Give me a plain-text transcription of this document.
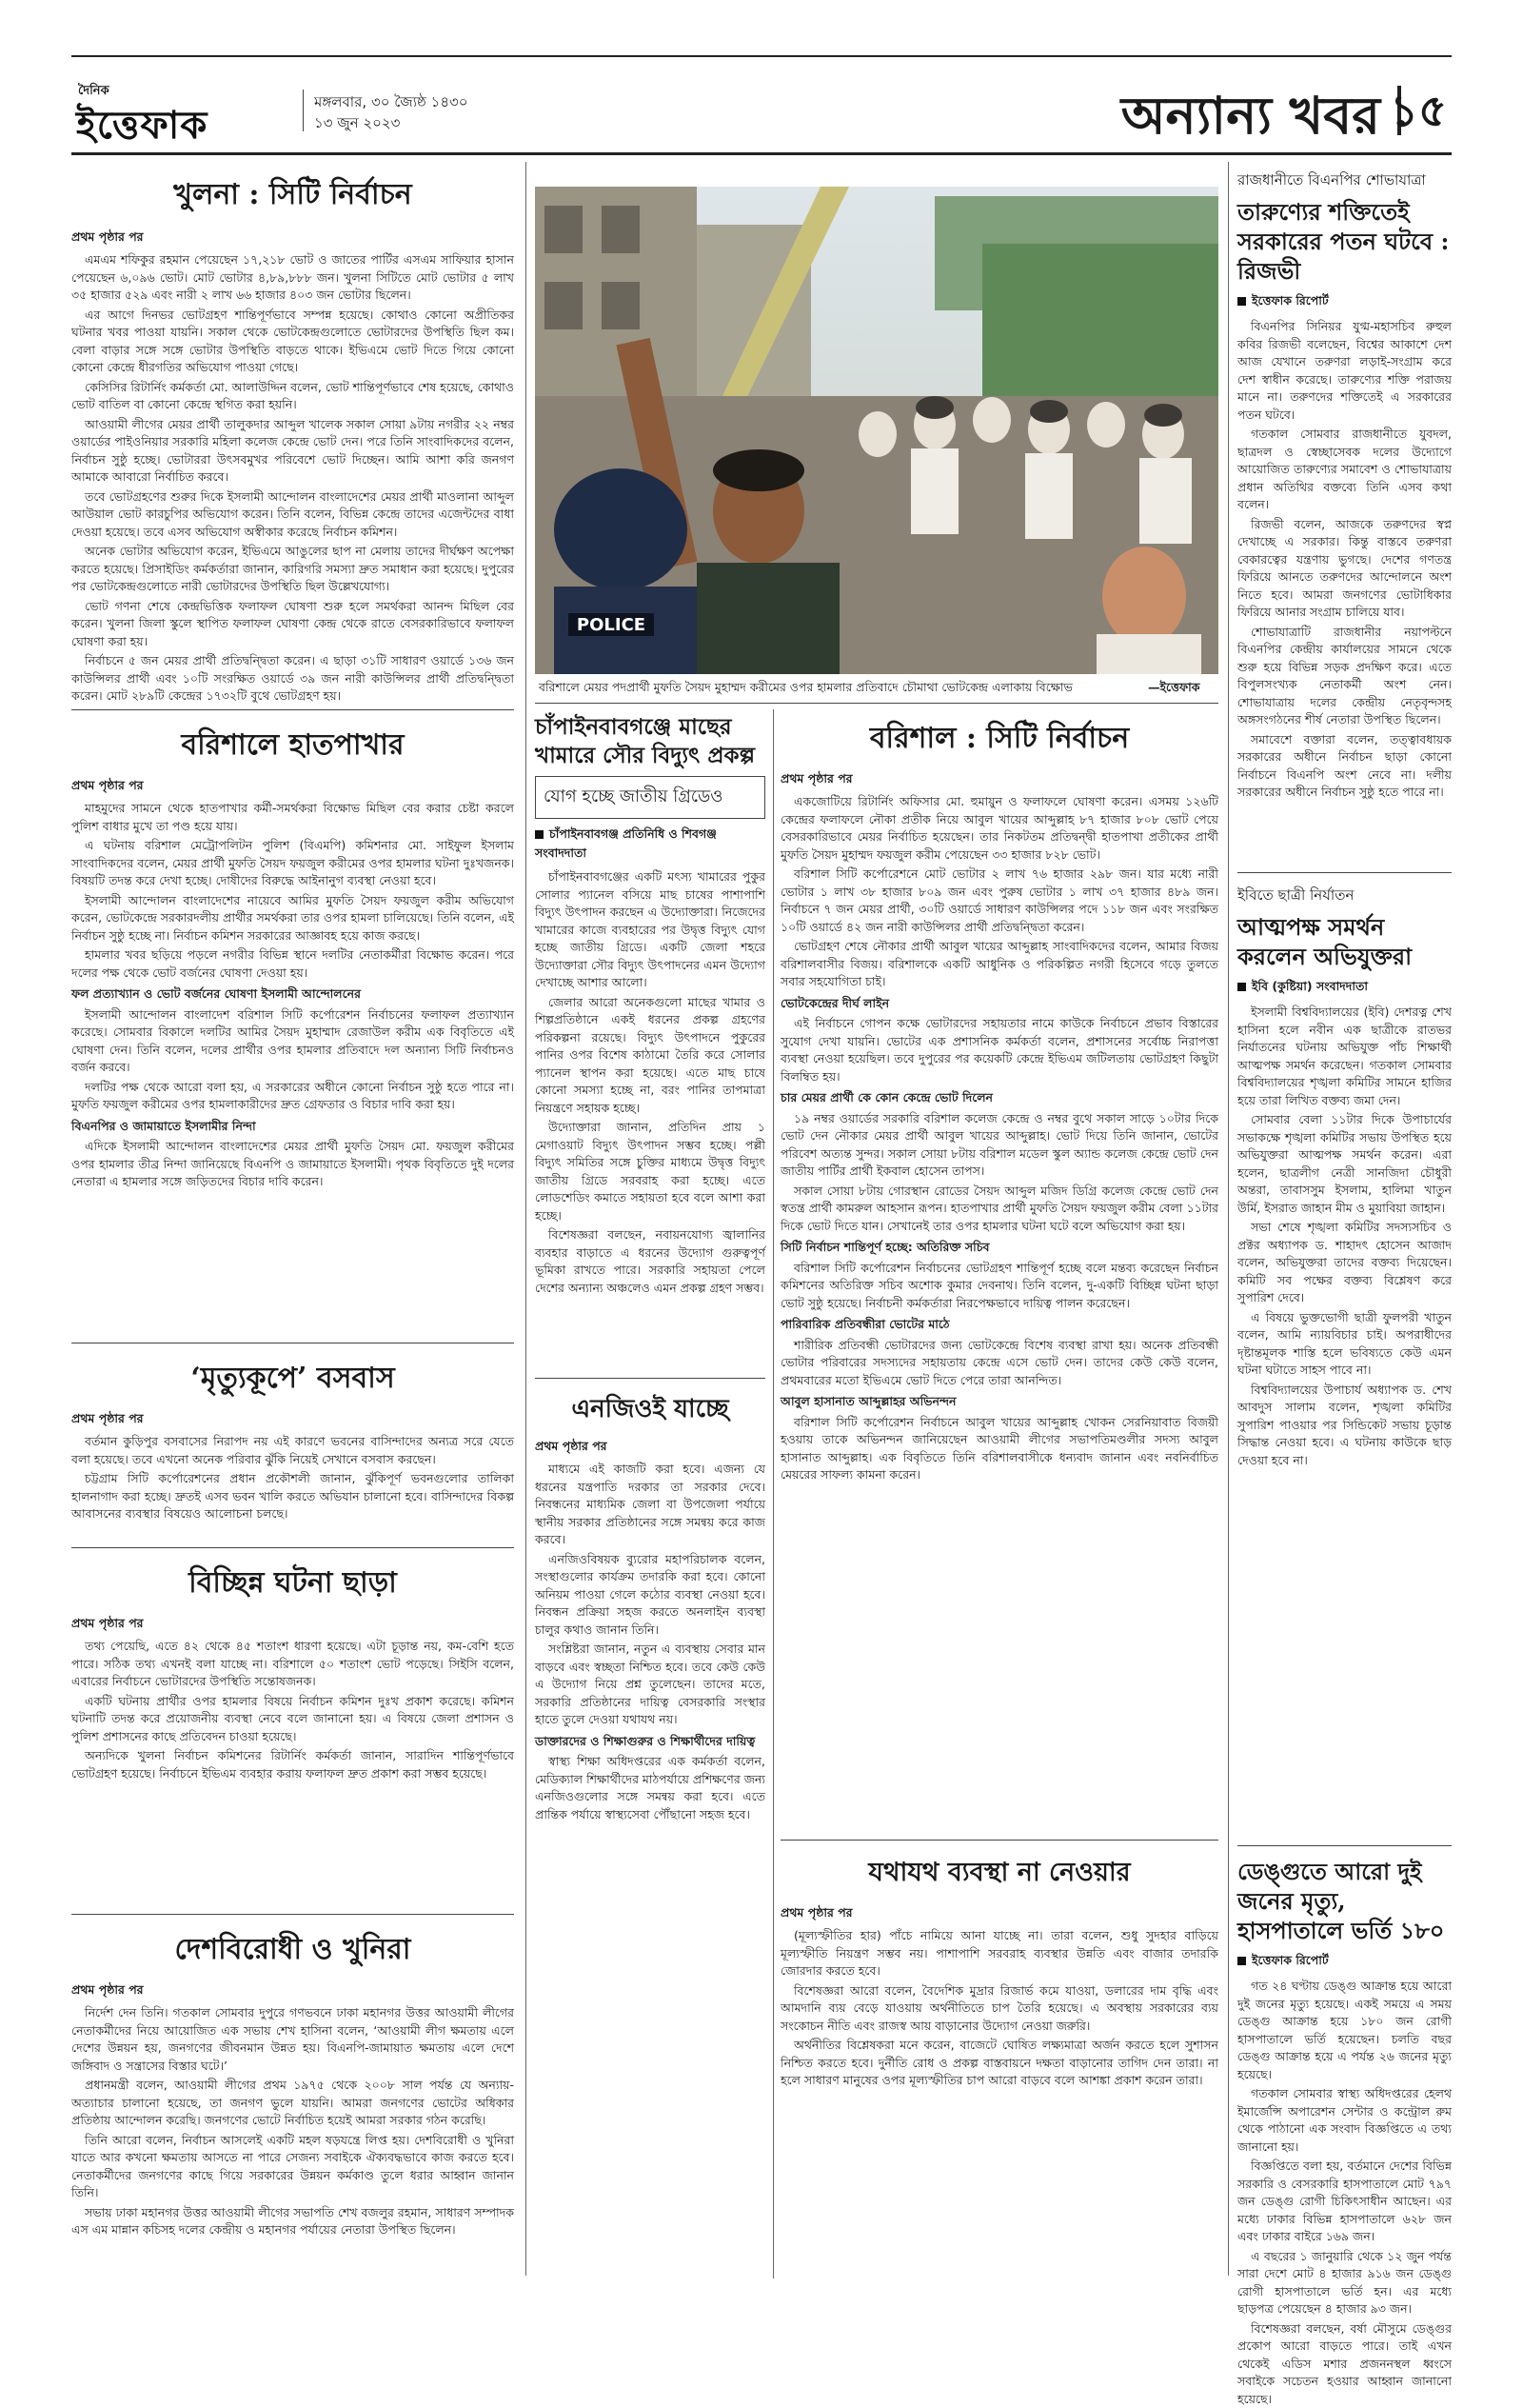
দৈনিক
ইত্তেফাক
মঙ্গলবার, ৩০ জ্যৈষ্ঠ ১৪৩০
১৩ জুন ২০২৩	অন্যান্য খবর ১৫
খুলনা : সিটি নির্বাচন
প্রথম পৃষ্ঠার পর

এমএম শফিকুর রহমান পেয়েছেন ১৭,২১৮ ভোট ও জাতের পার্টির এসএম সাফিয়ার হাসান পেয়েছেন ৬,০৯৬ ভোট। মোট ভোটার ৪,৮৯,৮৮৮ জন। খুলনা সিটিতে মোট ভোটার ৫ লাখ ৩৫ হাজার ৫২৯ এবং নারী ২ লাখ ৬৬ হাজার ৪০৩ জন ভোটার ছিলেন।

এর আগে দিনভর ভোটগ্রহণ শান্তিপূর্ণভাবে সম্পন্ন হয়েছে। কোথাও কোনো অপ্রীতিকর ঘটনার খবর পাওয়া যায়নি। সকাল থেকে ভোটকেন্দ্রগুলোতে ভোটারদের উপস্থিতি ছিল কম। বেলা বাড়ার সঙ্গে সঙ্গে ভোটার উপস্থিতি বাড়তে থাকে। ইভিএমে ভোট দিতে গিয়ে কোনো কোনো কেন্দ্রে ধীরগতির অভিযোগ পাওয়া গেছে।

কেসিসির রিটার্নিং কর্মকর্তা মো. আলাউদ্দিন বলেন, ভোট শান্তিপূর্ণভাবে শেষ হয়েছে, কোথাও ভোট বাতিল বা কোনো কেন্দ্রে স্থগিত করা হয়নি।

আওয়ামী লীগের মেয়র প্রার্থী তালুকদার আব্দুল খালেক সকাল সোয়া ৯টায় নগরীর ২২ নম্বর ওয়ার্ডের পাইওনিয়ার সরকারি মহিলা কলেজ কেন্দ্রে ভোট দেন। পরে তিনি সাংবাদিকদের বলেন, নির্বাচন সুষ্ঠু হচ্ছে। ভোটাররা উৎসবমুখর পরিবেশে ভোট দিচ্ছেন। আমি আশা করি জনগণ আমাকে আবারো নির্বাচিত করবে।

তবে ভোটগ্রহণের শুরুর দিকে ইসলামী আন্দোলন বাংলাদেশের মেয়র প্রার্থী মাওলানা আব্দুল আউয়াল ভোট কারচুপির অভিযোগ করেন। তিনি বলেন, বিভিন্ন কেন্দ্রে তাদের এজেন্টদের বাধা দেওয়া হয়েছে। তবে এসব অভিযোগ অস্বীকার করেছে নির্বাচন কমিশন।

অনেক ভোটার অভিযোগ করেন, ইভিএমে আঙুলের ছাপ না মেলায় তাদের দীর্ঘক্ষণ অপেক্ষা করতে হয়েছে। প্রিসাইডিং কর্মকর্তারা জানান, কারিগরি সমস্যা দ্রুত সমাধান করা হয়েছে। দুপুরের পর ভোটকেন্দ্রগুলোতে নারী ভোটারদের উপস্থিতি ছিল উল্লেখযোগ্য।

ভোট গণনা শেষে কেন্দ্রভিত্তিক ফলাফল ঘোষণা শুরু হলে সমর্থকরা আনন্দ মিছিল বের করেন। খুলনা জিলা স্কুলে স্থাপিত ফলাফল ঘোষণা কেন্দ্র থেকে রাতে বেসরকারিভাবে ফলাফল ঘোষণা করা হয়।

নির্বাচনে ৫ জন মেয়র প্রার্থী প্রতিদ্বন্দ্বিতা করেন। এ ছাড়া ৩১টি সাধারণ ওয়ার্ডে ১৩৬ জন কাউন্সিলর প্রার্থী এবং ১০টি সংরক্ষিত ওয়ার্ডে ৩৯ জন নারী কাউন্সিলর প্রার্থী প্রতিদ্বন্দ্বিতা করেন। মোট ২৮৯টি কেন্দ্রের ১৭৩২টি বুথে ভোটগ্রহণ হয়।

বরিশালে হাতপাখার
প্রথম পৃষ্ঠার পর

মাহমুদের সামনে থেকে হাতপাখার কর্মী-সমর্থকরা বিক্ষোভ মিছিল বের করার চেষ্টা করলে পুলিশ বাধার মুখে তা পণ্ড হয়ে যায়।

এ ঘটনায় বরিশাল মেট্রোপলিটন পুলিশ (বিএমপি) কমিশনার মো. সাইফুল ইসলাম সাংবাদিকদের বলেন, মেয়র প্রার্থী মুফতি সৈয়দ ফয়জুল করীমের ওপর হামলার ঘটনা দুঃখজনক। বিষয়টি তদন্ত করে দেখা হচ্ছে। দোষীদের বিরুদ্ধে আইনানুগ ব্যবস্থা নেওয়া হবে।

ইসলামী আন্দোলন বাংলাদেশের নায়েবে আমির মুফতি সৈয়দ ফয়জুল করীম অভিযোগ করেন, ভোটকেন্দ্রে সরকারদলীয় প্রার্থীর সমর্থকরা তার ওপর হামলা চালিয়েছে। তিনি বলেন, এই নির্বাচন সুষ্ঠু হচ্ছে না। নির্বাচন কমিশন সরকারের আজ্ঞাবহ হয়ে কাজ করছে।

হামলার খবর ছড়িয়ে পড়লে নগরীর বিভিন্ন স্থানে দলটির নেতাকর্মীরা বিক্ষোভ করেন। পরে দলের পক্ষ থেকে ভোট বর্জনের ঘোষণা দেওয়া হয়।

ফল প্রত্যাখ্যান ও ভোট বর্জনের ঘোষণা ইসলামী আন্দোলনের

ইসলামী আন্দোলন বাংলাদেশ বরিশাল সিটি কর্পোরেশন নির্বাচনের ফলাফল প্রত্যাখ্যান করেছে। সোমবার বিকালে দলটির আমির সৈয়দ মুহাম্মাদ রেজাউল করীম এক বিবৃতিতে এই ঘোষণা দেন। তিনি বলেন, দলের প্রার্থীর ওপর হামলার প্রতিবাদে দল অন্যান্য সিটি নির্বাচনও বর্জন করবে।

দলটির পক্ষ থেকে আরো বলা হয়, এ সরকারের অধীনে কোনো নির্বাচন সুষ্ঠু হতে পারে না। মুফতি ফয়জুল করীমের ওপর হামলাকারীদের দ্রুত গ্রেফতার ও বিচার দাবি করা হয়।

বিএনপির ও জামায়াতে ইসলামীর নিন্দা

এদিকে ইসলামী আন্দোলন বাংলাদেশের মেয়র প্রার্থী মুফতি সৈয়দ মো. ফয়জুল করীমের ওপর হামলার তীব্র নিন্দা জানিয়েছে বিএনপি ও জামায়াতে ইসলামী। পৃথক বিবৃতিতে দুই দলের নেতারা এ হামলার সঙ্গে জড়িতদের বিচার দাবি করেন।

‘মৃত্যুকূপে’ বসবাস
প্রথম পৃষ্ঠার পর

বর্তমান কুড়িপুর বসবাসের নিরাপদ নয় এই কারণে ভবনের বাসিন্দাদের অন্যত্র সরে যেতে বলা হয়েছে। তবে এখনো অনেক পরিবার ঝুঁকি নিয়েই সেখানে বসবাস করছেন।

চট্টগ্রাম সিটি কর্পোরেশনের প্রধান প্রকৌশলী জানান, ঝুঁকিপূর্ণ ভবনগুলোর তালিকা হালনাগাদ করা হচ্ছে। দ্রুতই এসব ভবন খালি করতে অভিযান চালানো হবে। বাসিন্দাদের বিকল্প আবাসনের ব্যবস্থার বিষয়েও আলোচনা চলছে।

বিচ্ছিন্ন ঘটনা ছাড়া
প্রথম পৃষ্ঠার পর

তথ্য পেয়েছি, এতে ৪২ থেকে ৪৫ শতাংশ ধারণা হয়েছে। এটা চূড়ান্ত নয়, কম-বেশি হতে পারে। সঠিক তথ্য এখনই বলা যাচ্ছে না। বরিশালে ৫০ শতাংশ ভোট পড়েছে। সিইসি বলেন, এবারের নির্বাচনে ভোটারদের উপস্থিতি সন্তোষজনক।

একটি ঘটনায় প্রার্থীর ওপর হামলার বিষয়ে নির্বাচন কমিশন দুঃখ প্রকাশ করেছে। কমিশন ঘটনাটি তদন্ত করে প্রয়োজনীয় ব্যবস্থা নেবে বলে জানানো হয়। এ বিষয়ে জেলা প্রশাসন ও পুলিশ প্রশাসনের কাছে প্রতিবেদন চাওয়া হয়েছে।

অন্যদিকে খুলনা নির্বাচন কমিশনের রিটার্নিং কর্মকর্তা জানান, সারাদিন শান্তিপূর্ণভাবে ভোটগ্রহণ হয়েছে। নির্বাচনে ইভিএম ব্যবহার করায় ফলাফল দ্রুত প্রকাশ করা সম্ভব হয়েছে।

দেশবিরোধী ও খুনিরা
প্রথম পৃষ্ঠার পর

নির্দেশ দেন তিনি। গতকাল সোমবার দুপুরে গণভবনে ঢাকা মহানগর উত্তর আওয়ামী লীগের নেতাকর্মীদের নিয়ে আয়োজিত এক সভায় শেখ হাসিনা বলেন, ‘আওয়ামী লীগ ক্ষমতায় এলে দেশের উন্নয়ন হয়, জনগণের জীবনমান উন্নত হয়। বিএনপি-জামায়াত ক্ষমতায় এলে দেশে জঙ্গিবাদ ও সন্ত্রাসের বিস্তার ঘটে।’

প্রধানমন্ত্রী বলেন, আওয়ামী লীগের প্রথম ১৯৭৫ থেকে ২০০৮ সাল পর্যন্ত যে অন্যায়-অত্যাচার চালানো হয়েছে, তা জনগণ ভুলে যায়নি। আমরা জনগণের ভোটের অধিকার প্রতিষ্ঠায় আন্দোলন করেছি। জনগণের ভোটে নির্বাচিত হয়েই আমরা সরকার গঠন করেছি।

তিনি আরো বলেন, নির্বাচন আসলেই একটি মহল ষড়যন্ত্রে লিপ্ত হয়। দেশবিরোধী ও খুনিরা যাতে আর কখনো ক্ষমতায় আসতে না পারে সেজন্য সবাইকে ঐক্যবদ্ধভাবে কাজ করতে হবে। নেতাকর্মীদের জনগণের কাছে গিয়ে সরকারের উন্নয়ন কর্মকাণ্ড তুলে ধরার আহ্বান জানান তিনি।

সভায় ঢাকা মহানগর উত্তর আওয়ামী লীগের সভাপতি শেখ বজলুর রহমান, সাধারণ সম্পাদক এস এম মান্নান কচিসহ দলের কেন্দ্রীয় ও মহানগর পর্যায়ের নেতারা উপস্থিত ছিলেন।

POLICE
বরিশালে মেয়র পদপ্রার্থী মুফতি সৈয়দ মুহাম্মদ করীমের ওপর হামলার প্রতিবাদে চৌমাথা ভোটকেন্দ্র এলাকায় বিক্ষোভ	—ইত্তেফাক
চাঁপাইনবাবগঞ্জে মাছের খামারে সৌর বিদ্যুৎ প্রকল্প
যোগ হচ্ছে জাতীয় গ্রিডেও
চাঁপাইনবাবগঞ্জ প্রতিনিধি ও শিবগঞ্জ সংবাদদাতা

চাঁপাইনবাবগঞ্জের একটি মৎস্য খামারের পুকুর সোলার প্যানেল বসিয়ে মাছ চাষের পাশাপাশি বিদ্যুৎ উৎপাদন করছেন এ উদ্যোক্তারা। নিজেদের খামারের কাজে ব্যবহারের পর উদ্বৃত্ত বিদ্যুৎ যোগ হচ্ছে জাতীয় গ্রিডে। একটি জেলা শহরে উদ্যোক্তারা সৌর বিদ্যুৎ উৎপাদনের এমন উদ্যোগ দেখাচ্ছে আশার আলো।

জেলার আরো অনেকগুলো মাছের খামার ও শিল্পপ্রতিষ্ঠানে একই ধরনের প্রকল্প গ্রহণের পরিকল্পনা রয়েছে। বিদ্যুৎ উৎপাদনে পুকুরের পানির ওপর বিশেষ কাঠামো তৈরি করে সোলার প্যানেল স্থাপন করা হয়েছে। এতে মাছ চাষে কোনো সমস্যা হচ্ছে না, বরং পানির তাপমাত্রা নিয়ন্ত্রণে সহায়ক হচ্ছে।

উদ্যোক্তারা জানান, প্রতিদিন প্রায় ১ মেগাওয়াট বিদ্যুৎ উৎপাদন সম্ভব হচ্ছে। পল্লী বিদ্যুৎ সমিতির সঙ্গে চুক্তির মাধ্যমে উদ্বৃত্ত বিদ্যুৎ জাতীয় গ্রিডে সরবরাহ করা হচ্ছে। এতে লোডশেডিং কমাতে সহায়তা হবে বলে আশা করা হচ্ছে।

বিশেষজ্ঞরা বলছেন, নবায়নযোগ্য জ্বালানির ব্যবহার বাড়াতে এ ধরনের উদ্যোগ গুরুত্বপূর্ণ ভূমিকা রাখতে পারে। সরকারি সহায়তা পেলে দেশের অন্যান্য অঞ্চলেও এমন প্রকল্প গ্রহণ সম্ভব।

এনজিওই যাচ্ছে
প্রথম পৃষ্ঠার পর

মাধ্যমে এই কাজটি করা হবে। এজন্য যে ধরনের যন্ত্রপাতি দরকার তা সরকার দেবে। নিবন্ধনের মাধ্যমিক জেলা বা উপজেলা পর্যায়ে স্থানীয় সরকার প্রতিষ্ঠানের সঙ্গে সমন্বয় করে কাজ করবে।

এনজিওবিষয়ক ব্যুরোর মহাপরিচালক বলেন, সংস্থাগুলোর কার্যক্রম তদারকি করা হবে। কোনো অনিয়ম পাওয়া গেলে কঠোর ব্যবস্থা নেওয়া হবে। নিবন্ধন প্রক্রিয়া সহজ করতে অনলাইন ব্যবস্থা চালুর কথাও জানান তিনি।

সংশ্লিষ্টরা জানান, নতুন এ ব্যবস্থায় সেবার মান বাড়বে এবং স্বচ্ছতা নিশ্চিত হবে। তবে কেউ কেউ এ উদ্যোগ নিয়ে প্রশ্ন তুলেছেন। তাদের মতে, সরকারি প্রতিষ্ঠানের দায়িত্ব বেসরকারি সংস্থার হাতে তুলে দেওয়া যথাযথ নয়।

ডাক্তারদের ও শিক্ষাগুরুর ও শিক্ষার্থীদের দায়িত্ব

স্বাস্থ্য শিক্ষা অধিদপ্তরের এক কর্মকর্তা বলেন, মেডিক্যাল শিক্ষার্থীদের মাঠপর্যায়ে প্রশিক্ষণের জন্য এনজিওগুলোর সঙ্গে সমন্বয় করা হবে। এতে প্রান্তিক পর্যায়ে স্বাস্থ্যসেবা পৌঁছানো সহজ হবে।

বরিশাল : সিটি নির্বাচন
প্রথম পৃষ্ঠার পর

একজোটিয়ে রিটার্নিং অফিসার মো. হুমায়ুন ও ফলাফলে ঘোষণা করেন। এসময় ১২৬টি কেন্দ্রের ফলাফলে নৌকা প্রতীক নিয়ে আবুল খায়ের আব্দুল্লাহ ৮৭ হাজার ৮০৮ ভোট পেয়ে বেসরকারিভাবে মেয়র নির্বাচিত হয়েছেন। তার নিকটতম প্রতিদ্বন্দ্বী হাতপাখা প্রতীকের প্রার্থী মুফতি সৈয়দ মুহাম্মদ ফয়জুল করীম পেয়েছেন ৩৩ হাজার ৮২৮ ভোট।

বরিশাল সিটি কর্পোরেশনে মোট ভোটার ২ লাখ ৭৬ হাজার ২৯৮ জন। যার মধ্যে নারী ভোটার ১ লাখ ৩৮ হাজার ৮০৯ জন এবং পুরুষ ভোটার ১ লাখ ৩৭ হাজার ৪৮৯ জন। নির্বাচনে ৭ জন মেয়র প্রার্থী, ৩০টি ওয়ার্ডে সাধারণ কাউন্সিলর পদে ১১৮ জন এবং সংরক্ষিত ১০টি ওয়ার্ডে ৪২ জন নারী কাউন্সিলর প্রার্থী প্রতিদ্বন্দ্বিতা করেন।

ভোটগ্রহণ শেষে নৌকার প্রার্থী আবুল খায়ের আব্দুল্লাহ সাংবাদিকদের বলেন, আমার বিজয় বরিশালবাসীর বিজয়। বরিশালকে একটি আধুনিক ও পরিকল্পিত নগরী হিসেবে গড়ে তুলতে সবার সহযোগিতা চাই।

ভোটকেন্দ্রের দীর্ঘ লাইন

এই নির্বাচনে গোপন কক্ষে ভোটারদের সহায়তার নামে কাউকে নির্বাচনে প্রভাব বিস্তারের সুযোগ দেখা যায়নি। ভোটের এক প্রশাসনিক কর্মকর্তা বলেন, প্রশাসনের সর্বোচ্চ নিরাপত্তা ব্যবস্থা নেওয়া হয়েছিল। তবে দুপুরের পর কয়েকটি কেন্দ্রে ইভিএম জটিলতায় ভোটগ্রহণ কিছুটা বিলম্বিত হয়।

চার মেয়র প্রার্থী কে কোন কেন্দ্রে ভোট দিলেন

১৯ নম্বর ওয়ার্ডের সরকারি বরিশাল কলেজ কেন্দ্রে ও নম্বর বুথে সকাল সাড়ে ১০টার দিকে ভোট দেন নৌকার মেয়র প্রার্থী আবুল খায়ের আব্দুল্লাহ। ভোট দিয়ে তিনি জানান, ভোটের পরিবেশ অত্যন্ত সুন্দর। সকাল সোয়া ৮টায় বরিশাল মডেল স্কুল অ্যান্ড কলেজ কেন্দ্রে ভোট দেন জাতীয় পার্টির প্রার্থী ইকবাল হোসেন তাপস।

সকাল সোয়া ৮টায় গোরস্থান রোডের সৈয়দ আব্দুল মজিদ ডিগ্রি কলেজ কেন্দ্রে ভোট দেন স্বতন্ত্র প্রার্থী কামরুল আহসান রূপন। হাতপাখার প্রার্থী মুফতি সৈয়দ ফয়জুল করীম বেলা ১১টার দিকে ভোট দিতে যান। সেখানেই তার ওপর হামলার ঘটনা ঘটে বলে অভিযোগ করা হয়।

সিটি নির্বাচন শান্তিপূর্ণ হচ্ছে: অতিরিক্ত সচিব

বরিশাল সিটি কর্পোরেশন নির্বাচনের ভোটগ্রহণ শান্তিপূর্ণ হচ্ছে বলে মন্তব্য করেছেন নির্বাচন কমিশনের অতিরিক্ত সচিব অশোক কুমার দেবনাথ। তিনি বলেন, দু-একটি বিচ্ছিন্ন ঘটনা ছাড়া ভোট সুষ্ঠু হয়েছে। নির্বাচনী কর্মকর্তারা নিরপেক্ষভাবে দায়িত্ব পালন করেছেন।

পারিবারিক প্রতিবন্ধীরা ভোটের মাঠে

শারীরিক প্রতিবন্ধী ভোটারদের জন্য ভোটকেন্দ্রে বিশেষ ব্যবস্থা রাখা হয়। অনেক প্রতিবন্ধী ভোটার পরিবারের সদস্যদের সহায়তায় কেন্দ্রে এসে ভোট দেন। তাদের কেউ কেউ বলেন, প্রথমবারের মতো ইভিএমে ভোট দিতে পেরে তারা আনন্দিত।

আবুল হাসানাত আব্দুল্লাহর অভিনন্দন

বরিশাল সিটি কর্পোরেশন নির্বাচনে আবুল খায়ের আব্দুল্লাহ খোকন সেরনিয়াবাত বিজয়ী হওয়ায় তাকে অভিনন্দন জানিয়েছেন আওয়ামী লীগের সভাপতিমণ্ডলীর সদস্য আবুল হাসানাত আব্দুল্লাহ। এক বিবৃতিতে তিনি বরিশালবাসীকে ধন্যবাদ জানান এবং নবনির্বাচিত মেয়রের সাফল্য কামনা করেন।

যথাযথ ব্যবস্থা না নেওয়ার
প্রথম পৃষ্ঠার পর

(মূল্যস্ফীতির হার) পাঁচে নামিয়ে আনা যাচ্ছে না। তারা বলেন, শুধু সুদহার বাড়িয়ে মূল্যস্ফীতি নিয়ন্ত্রণ সম্ভব নয়। পাশাপাশি সরবরাহ ব্যবস্থার উন্নতি এবং বাজার তদারকি জোরদার করতে হবে।

বিশেষজ্ঞরা আরো বলেন, বৈদেশিক মুদ্রার রিজার্ভ কমে যাওয়া, ডলারের দাম বৃদ্ধি এবং আমদানি ব্যয় বেড়ে যাওয়ায় অর্থনীতিতে চাপ তৈরি হয়েছে। এ অবস্থায় সরকারের ব্যয় সংকোচন নীতি এবং রাজস্ব আয় বাড়ানোর উদ্যোগ নেওয়া জরুরি।

অর্থনীতির বিশ্লেষকরা মনে করেন, বাজেটে ঘোষিত লক্ষ্যমাত্রা অর্জন করতে হলে সুশাসন নিশ্চিত করতে হবে। দুর্নীতি রোধ ও প্রকল্প বাস্তবায়নে দক্ষতা বাড়ানোর তাগিদ দেন তারা। না হলে সাধারণ মানুষের ওপর মূল্যস্ফীতির চাপ আরো বাড়বে বলে আশঙ্কা প্রকাশ করেন তারা।

রাজধানীতে বিএনপির শোভাযাত্রা
তারুণ্যের শক্তিতেই সরকারের পতন ঘটবে : রিজভী
ইত্তেফাক রিপোর্ট

বিএনপির সিনিয়র যুগ্ম-মহাসচিব রুহুল কবির রিজভী বলেছেন, বিশ্বের আকাশে দেশ আজ যেখানে তরুণরা লড়াই-সংগ্রাম করে দেশ স্বাধীন করেছে। তারুণ্যের শক্তি পরাজয় মানে না। তরুণদের শক্তিতেই এ সরকারের পতন ঘটবে।

গতকাল সোমবার রাজধানীতে যুবদল, ছাত্রদল ও স্বেচ্ছাসেবক দলের উদ্যোগে আয়োজিত তারুণ্যের সমাবেশ ও শোভাযাত্রায় প্রধান অতিথির বক্তব্যে তিনি এসব কথা বলেন।

রিজভী বলেন, আজকে তরুণদের স্বপ্ন দেখাচ্ছে এ সরকার। কিন্তু বাস্তবে তরুণরা বেকারত্বের যন্ত্রণায় ভুগছে। দেশের গণতন্ত্র ফিরিয়ে আনতে তরুণদের আন্দোলনে অংশ নিতে হবে। আমরা জনগণের ভোটাধিকার ফিরিয়ে আনার সংগ্রাম চালিয়ে যাব।

শোভাযাত্রাটি রাজধানীর নয়াপল্টনে বিএনপির কেন্দ্রীয় কার্যালয়ের সামনে থেকে শুরু হয়ে বিভিন্ন সড়ক প্রদক্ষিণ করে। এতে বিপুলসংখ্যক নেতাকর্মী অংশ নেন। শোভাযাত্রায় দলের কেন্দ্রীয় নেতৃবৃন্দসহ অঙ্গসংগঠনের শীর্ষ নেতারা উপস্থিত ছিলেন।

সমাবেশে বক্তারা বলেন, তত্ত্বাবধায়ক সরকারের অধীনে নির্বাচন ছাড়া কোনো নির্বাচনে বিএনপি অংশ নেবে না। দলীয় সরকারের অধীনে নির্বাচন সুষ্ঠু হতে পারে না।

ইবিতে ছাত্রী নির্যাতন
আত্মপক্ষ সমর্থন করলেন অভিযুক্তরা
ইবি (কুষ্টিয়া) সংবাদদাতা

ইসলামী বিশ্ববিদ্যালয়ের (ইবি) দেশরত্ন শেখ হাসিনা হলে নবীন এক ছাত্রীকে রাতভর নির্যাতনের ঘটনায় অভিযুক্ত পাঁচ শিক্ষার্থী আত্মপক্ষ সমর্থন করেছেন। গতকাল সোমবার বিশ্ববিদ্যালয়ের শৃঙ্খলা কমিটির সামনে হাজির হয়ে তারা লিখিত বক্তব্য জমা দেন।

সোমবার বেলা ১১টার দিকে উপাচার্যের সভাকক্ষে শৃঙ্খলা কমিটির সভায় উপস্থিত হয়ে অভিযুক্তরা আত্মপক্ষ সমর্থন করেন। এরা হলেন, ছাত্রলীগ নেত্রী সানজিদা চৌধুরী অন্তরা, তাবাসসুম ইসলাম, হালিমা খাতুন উর্মি, ইসরাত জাহান মীম ও মুয়াবিয়া জাহান।

সভা শেষে শৃঙ্খলা কমিটির সদস্যসচিব ও প্রক্টর অধ্যাপক ড. শাহাদৎ হোসেন আজাদ বলেন, অভিযুক্তরা তাদের বক্তব্য দিয়েছেন। কমিটি সব পক্ষের বক্তব্য বিশ্লেষণ করে সুপারিশ দেবে।

এ বিষয়ে ভুক্তভোগী ছাত্রী ফুলপরী খাতুন বলেন, আমি ন্যায়বিচার চাই। অপরাধীদের দৃষ্টান্তমূলক শাস্তি হলে ভবিষ্যতে কেউ এমন ঘটনা ঘটাতে সাহস পাবে না।

বিশ্ববিদ্যালয়ের উপাচার্য অধ্যাপক ড. শেখ আবদুস সালাম বলেন, শৃঙ্খলা কমিটির সুপারিশ পাওয়ার পর সিন্ডিকেট সভায় চূড়ান্ত সিদ্ধান্ত নেওয়া হবে। এ ঘটনায় কাউকে ছাড় দেওয়া হবে না।

ডেঙ্গুতে আরো দুই জনের মৃত্যু, হাসপাতালে ভর্তি ১৮০
ইত্তেফাক রিপোর্ট

গত ২৪ ঘণ্টায় ডেঙ্গু আক্রান্ত হয়ে আরো দুই জনের মৃত্যু হয়েছে। একই সময়ে এ সময় ডেঙ্গু আক্রান্ত হয়ে ১৮০ জন রোগী হাসপাতালে ভর্তি হয়েছেন। চলতি বছর ডেঙ্গু আক্রান্ত হয়ে এ পর্যন্ত ২৬ জনের মৃত্যু হয়েছে।

গতকাল সোমবার স্বাস্থ্য অধিদপ্তরের হেলথ ইমার্জেন্সি অপারেশন সেন্টার ও কন্ট্রোল রুম থেকে পাঠানো এক সংবাদ বিজ্ঞপ্তিতে এ তথ্য জানানো হয়।

বিজ্ঞপ্তিতে বলা হয়, বর্তমানে দেশের বিভিন্ন সরকারি ও বেসরকারি হাসপাতালে মোট ৭৯৭ জন ডেঙ্গু রোগী চিকিৎসাধীন আছেন। এর মধ্যে ঢাকার বিভিন্ন হাসপাতালে ৬২৮ জন এবং ঢাকার বাইরে ১৬৯ জন।

এ বছরের ১ জানুয়ারি থেকে ১২ জুন পর্যন্ত সারা দেশে মোট ৪ হাজার ৯১৬ জন ডেঙ্গু রোগী হাসপাতালে ভর্তি হন। এর মধ্যে ছাড়পত্র পেয়েছেন ৪ হাজার ৯৩ জন।

বিশেষজ্ঞরা বলছেন, বর্ষা মৌসুমে ডেঙ্গুর প্রকোপ আরো বাড়তে পারে। তাই এখন থেকেই এডিস মশার প্রজননস্থল ধ্বংসে সবাইকে সচেতন হওয়ার আহ্বান জানানো হয়েছে।
